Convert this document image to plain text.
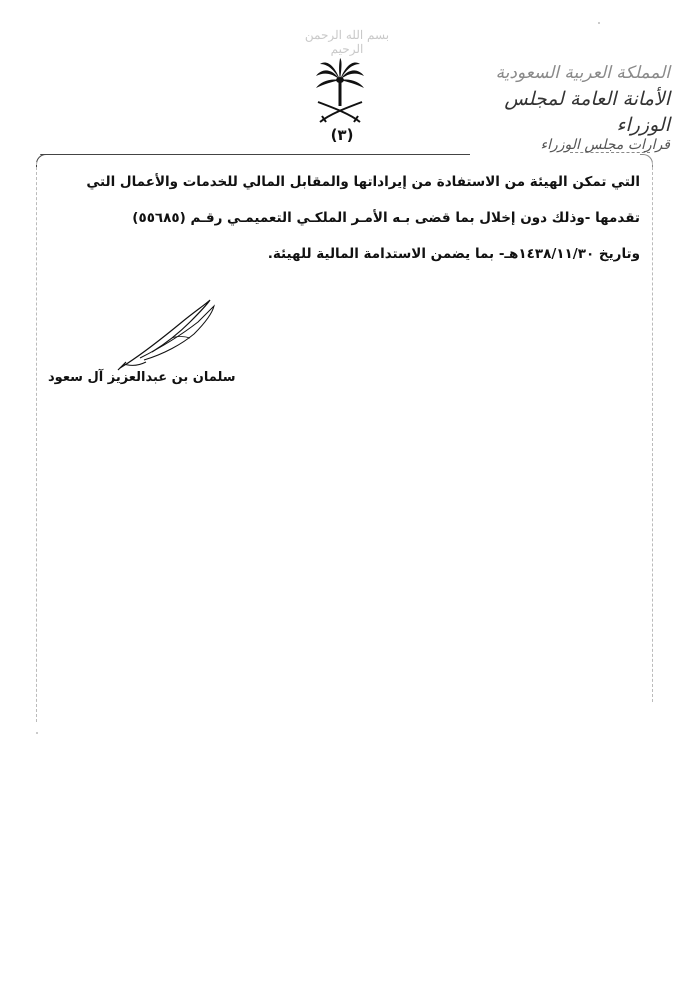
بسم الله الرحمن الرحيم
(٣)
المملكة العربية السعودية
الأمانة العامة لمجلس الوزراء
قرارات مجلس الوزراء
التي تمكن الهيئة من الاستفادة من إيراداتها والمقابل المالي للخدمات والأعمال التي
تقدمها -وذلك دون إخلال بما قضى بـه الأمـر الملكـي التعميمـي رقـم (٥٥٦٨٥)
وتاريخ ١٤٣٨/١١/٣٠هـ- بما يضمن الاستدامة المالية للهيئة.
سلمان بن عبدالعزيز آل سعود
